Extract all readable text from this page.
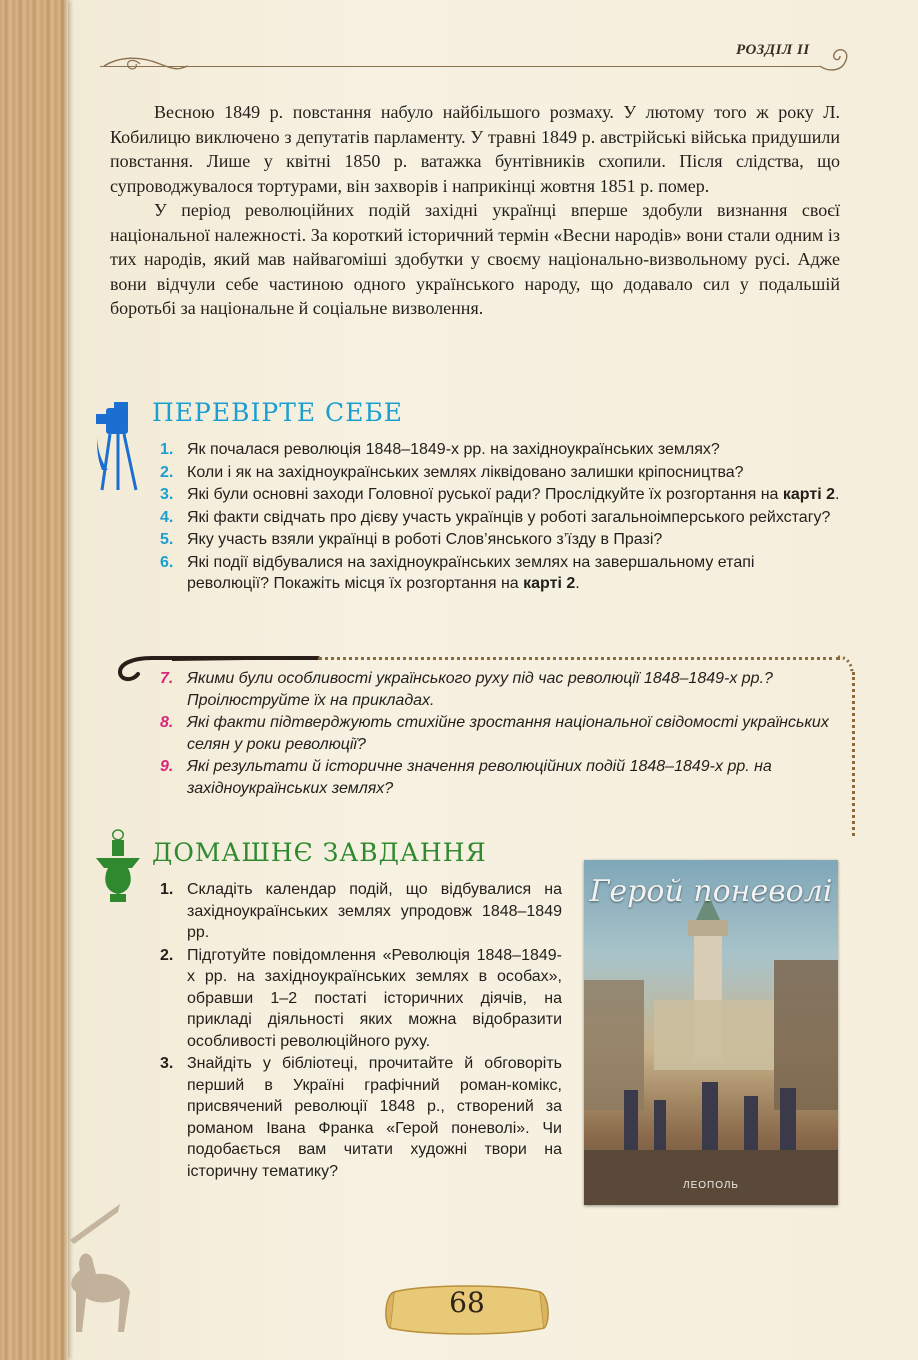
РОЗДІЛ ІІ

Весною 1849 р. повстання набуло найбільшого розмаху. У лютому того ж року Л. Кобилицю виключено з депутатів парламенту. У травні 1849 р. австрійські війська придушили повстання. Лише у квітні 1850 р. ватажка бунтівників схопили. Після слідства, що супроводжувалося тортурами, він захворів і наприкінці жовтня 1851 р. помер.

У період революційних подій західні українці вперше здобули визнання своєї національної належності. За короткий історичний термін «Весни народів» вони стали одним із тих народів, який мав найвагоміші здобутки у своєму національно-визвольному русі. Адже вони відчули себе частиною одного українського народу, що додавало сил у подальшій боротьбі за національне й соціальне визволення.

ПЕРЕВІРТЕ СЕБЕ
1. Як почалася революція 1848–1849-х рр. на західноукраїнських землях?
2. Коли і як на західноукраїнських землях ліквідовано залишки кріпосництва?
3. Які були основні заходи Головної руської ради? Прослідкуйте їх розгортання на карті 2.
4. Які факти свідчать про дієву участь українців у роботі загальноімперського рейхстагу?
5. Яку участь взяли українці в роботі Слов’янського з’їзду в Празі?
6. Які події відбувалися на західноукраїнських землях на завершальному етапі революції? Покажіть місця їх розгортання на карті 2.
7. Якими були особливості українського руху під час революції 1848–1849-х рр.? Проілюструйте їх на прикладах.
8. Які факти підтверджують стихійне зростання національної свідомості українських селян у роки революції?
9. Які результати й історичне значення революційних подій 1848–1849-х рр. на західноукраїнських землях?
ДОМАШНЄ ЗАВДАННЯ
1. Складіть календар подій, що відбувалися на західноукраїнських землях упродовж 1848–1849 рр.
2. Підготуйте повідомлення «Революція 1848–1849-х рр. на західноукраїнських землях в особах», обравши 1–2 постаті історичних діячів, на прикладі діяльності яких можна відобразити особливості революційного руху.
3. Знайдіть у бібліотеці, прочитайте й обговоріть перший в Україні графічний роман-комікс, присвячений революції 1848 р., створений за романом Івана Франка «Герой поневолі». Чи подобається вам читати художні твори на історичну тематику?
Герой поневолі
ЛЕОПОЛЬ
68
